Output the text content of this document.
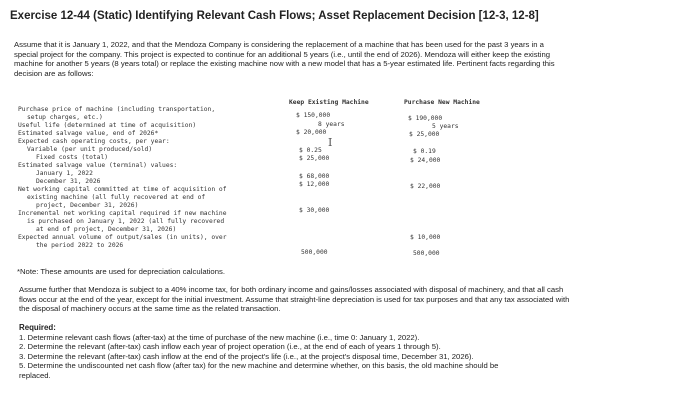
Exercise 12-44 (Static) Identifying Relevant Cash Flows; Asset Replacement Decision [12-3, 12-8]

Assume that it is January 1, 2022, and that the Mendoza Company is considering the replacement of a machine that has been used for the past 3 years in a special project for the company. This project is expected to continue for an additional 5 years (i.e., until the end of 2026). Mendoza will either keep the existing machine for another 5 years (8 years total) or replace the existing machine now with a new model that has a 5-year estimated life. Pertinent facts regarding this decision are as follows:

Keep Existing Machine	Purchase New Machine
Purchase price of machine (including transportation,
setup charges, etc.)
Useful life (determined at time of acquisition)
Estimated salvage value, end of 2026*
Expected cash operating costs, per year:
Variable (per unit produced/sold)
Fixed costs (total)
Estimated salvage value (terminal) values:
January 1, 2022
December 31, 2026
Net working capital committed at time of acquisition of
existing machine (all fully recovered at end of
project, December 31, 2026)
Incremental net working capital required if new machine
is purchased on January 1, 2022 (all fully recovered
at end of project, December 31, 2026)
Expected annual volume of output/sales (in units), over
the period 2022 to 2026
$ 150,000
8 years
$ 20,000
$ 0.25
$ 25,000
$ 68,000
$ 12,000
$ 30,000
500,000
$ 190,000
5 years
$ 25,000
$ 0.19
$ 24,000
$ 22,000
$ 10,000
500,000
Ⅰ

*Note: These amounts are used for depreciation calculations.

Assume further that Mendoza is subject to a 40% income tax, for both ordinary income and gains/losses associated with disposal of machinery, and that all cash flows occur at the end of the year, except for the initial investment. Assume that straight-line depreciation is used for tax purposes and that any tax associated with the disposal of machinery occurs at the same time as the related transaction.

Required:

1. Determine relevant cash flows (after-tax) at the time of purchase of the new machine (i.e., time 0: January 1, 2022).
2. Determine the relevant (after-tax) cash inflow each year of project operation (i.e., at the end of each of years 1 through 5).
3. Determine the relevant (after-tax) cash inflow at the end of the project's life (i.e., at the project's disposal time, December 31, 2026).
5. Determine the undiscounted net cash flow (after tax) for the new machine and determine whether, on this basis, the old machine should be replaced.
